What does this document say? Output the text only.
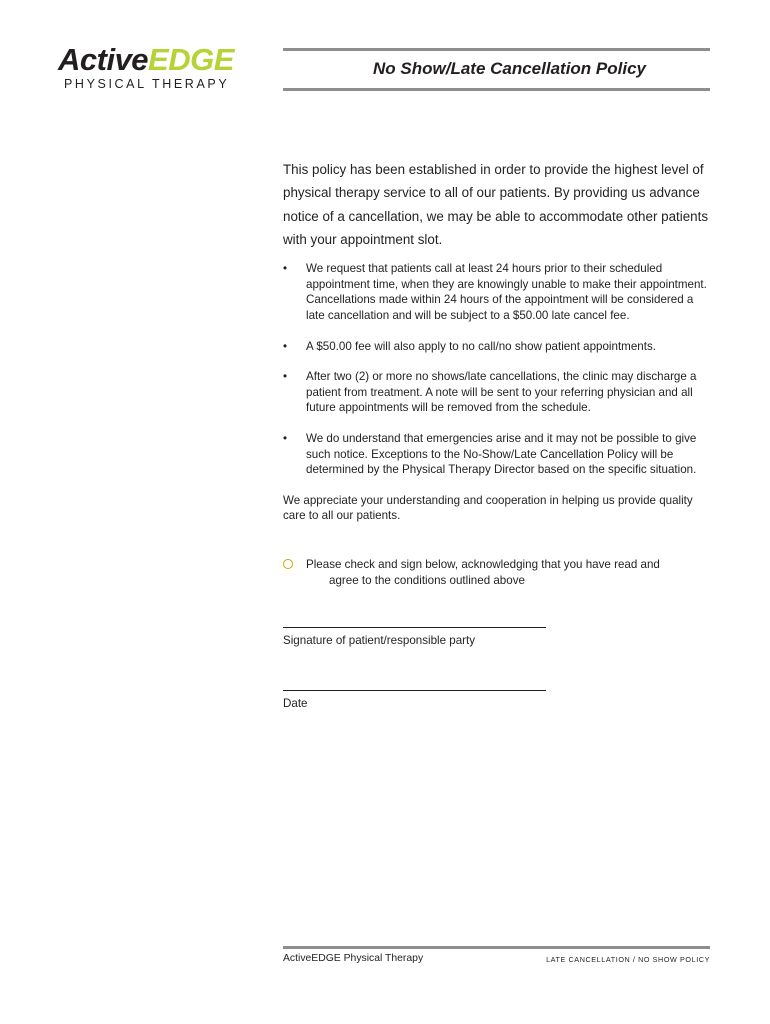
ActiveEDGE
PHYSICAL THERAPY
No Show/Late Cancellation Policy

This policy has been established in order to provide the highest level of physical therapy service to all of our patients. By providing us advance notice of a cancellation, we may be able to accommodate other patients with your appointment slot.

• We request that patients call at least 24 hours prior to their scheduled appointment time, when they are knowingly unable to make their appointment. Cancellations made within 24 hours of the appointment will be considered a late cancellation and will be subject to a $50.00 late cancel fee.
• A $50.00 fee will also apply to no call/no show patient appointments.
• After two (2) or more no shows/late cancellations, the clinic may discharge a patient from treatment. A note will be sent to your referring physician and all future appointments will be removed from the schedule.
• We do understand that emergencies arise and it may not be possible to give such notice. Exceptions to the No-Show/Late Cancellation Policy will be determined by the Physical Therapy Director based on the specific situation.

We appreciate your understanding and cooperation in helping us provide quality care to all our patients.

Please check and sign below, acknowledging that you have read and
agree to the conditions outlined above
Signature of patient/responsible party
Date
ActiveEDGE Physical Therapy	LATE CANCELLATION / NO SHOW POLICY
